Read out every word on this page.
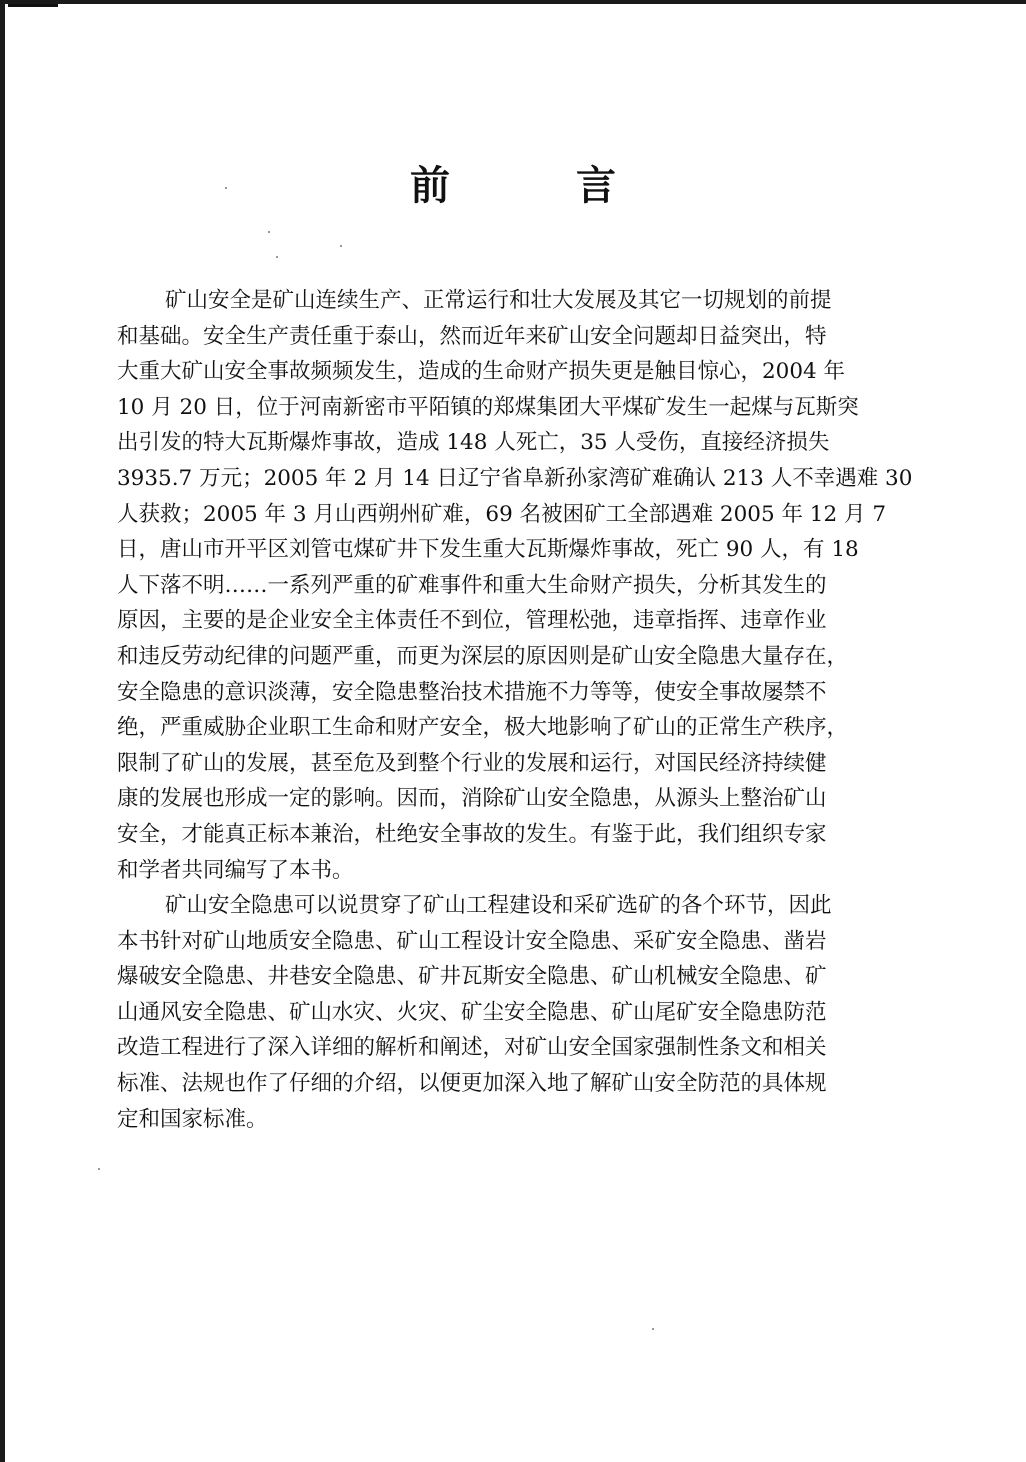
前 言
矿山安全是矿山连续生产、正常运行和壮大发展及其它一切规划的前提
和基础。安全生产责任重于泰山，然而近年来矿山安全问题却日益突出，特
大重大矿山安全事故频频发生，造成的生命财产损失更是触目惊心，2004 年
10 月 20 日，位于河南新密市平陌镇的郑煤集团大平煤矿发生一起煤与瓦斯突
出引发的特大瓦斯爆炸事故，造成 148 人死亡，35 人受伤，直接经济损失
3935.7 万元；2005 年 2 月 14 日辽宁省阜新孙家湾矿难确认 213 人不幸遇难 30
人获救；2005 年 3 月山西朔州矿难，69 名被困矿工全部遇难 2005 年 12 月 7
日，唐山市开平区刘管屯煤矿井下发生重大瓦斯爆炸事故，死亡 90 人，有 18
人下落不明……一系列严重的矿难事件和重大生命财产损失，分析其发生的
原因，主要的是企业安全主体责任不到位，管理松弛，违章指挥、违章作业
和违反劳动纪律的问题严重，而更为深层的原因则是矿山安全隐患大量存在，
安全隐患的意识淡薄，安全隐患整治技术措施不力等等，使安全事故屡禁不
绝，严重威胁企业职工生命和财产安全，极大地影响了矿山的正常生产秩序，
限制了矿山的发展，甚至危及到整个行业的发展和运行，对国民经济持续健
康的发展也形成一定的影响。因而，消除矿山安全隐患，从源头上整治矿山
安全，才能真正标本兼治，杜绝安全事故的发生。有鉴于此，我们组织专家
和学者共同编写了本书。
矿山安全隐患可以说贯穿了矿山工程建设和采矿选矿的各个环节，因此
本书针对矿山地质安全隐患、矿山工程设计安全隐患、采矿安全隐患、凿岩
爆破安全隐患、井巷安全隐患、矿井瓦斯安全隐患、矿山机械安全隐患、矿
山通风安全隐患、矿山水灾、火灾、矿尘安全隐患、矿山尾矿安全隐患防范
改造工程进行了深入详细的解析和阐述，对矿山安全国家强制性条文和相关
标准、法规也作了仔细的介绍，以便更加深入地了解矿山安全防范的具体规
定和国家标准。
